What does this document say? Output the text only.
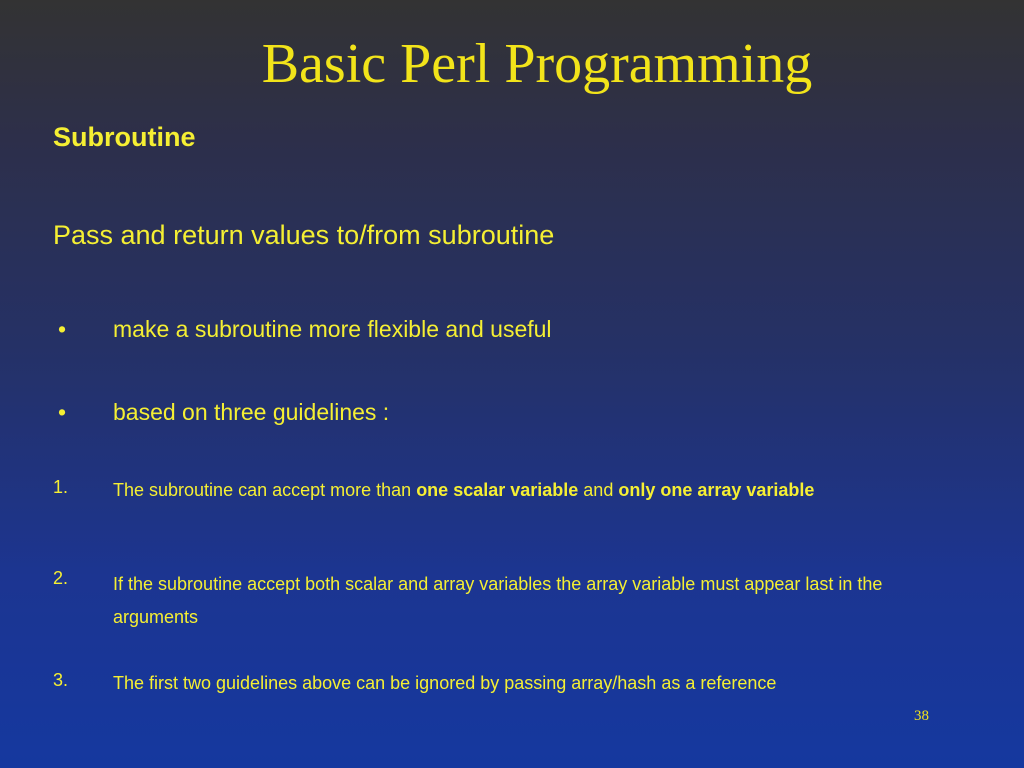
Basic Perl Programming
Subroutine
Pass and return values to/from subroutine
•	make a subroutine more flexible and useful
•	based on three guidelines :
1. The subroutine can accept more than one scalar variable and only one array variable
2. If the subroutine accept both scalar and array variables the array variable must appear last in the arguments
3. The first two guidelines above can be ignored by passing array/hash as a reference
38
